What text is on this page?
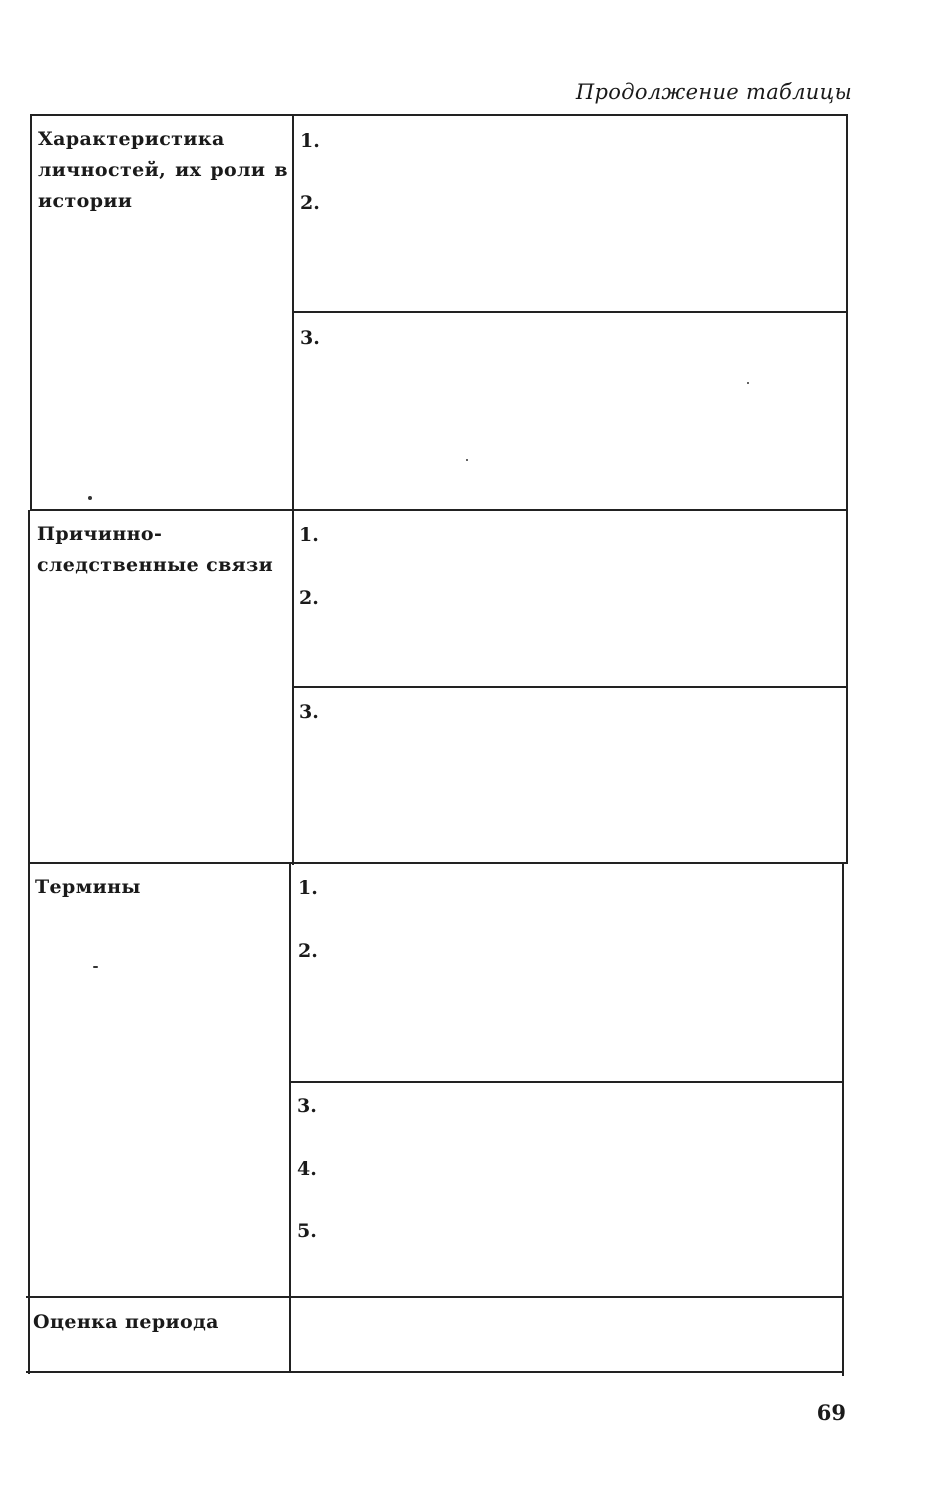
Продолжение таблицы
Характеристика личностей, их роли в истории
1.
2.
3.
Причинно-
следственные связи
1.
2.
3.
Термины	1.
2.
3.
4.
5.
Оценка периода
69
